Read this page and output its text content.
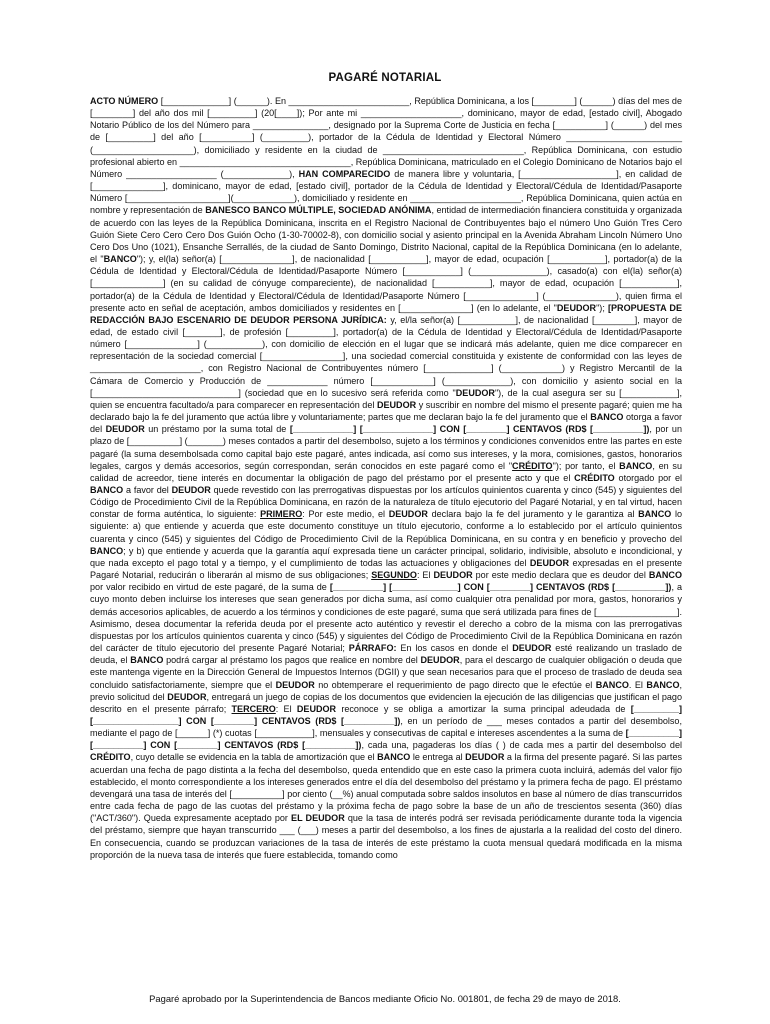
PAGARÉ NOTARIAL
ACTO NÚMERO [_____________] (______). En ________________________, República Dominicana, a los [________] (______) días del mes de [________] del año dos mil [_________] (20[____]); Por ante mi ____________________, dominicano, mayor de edad, [estado civil], Abogado Notario Público de los del Número para _______________, designado por la Suprema Corte de Justicia en fecha [__________] (______) del mes de [_________] del año [__________] (_________), portador de la Cédula de Identidad y Electoral Número _______________________ (____________________), domiciliado y residente en la ciudad de ____________________________, República Dominicana, con estudio profesional abierto en __________________________________, República Dominicana, matriculado en el Colegio Dominicano de Notarios bajo el Número __________________ (_____________), HAN COMPARECIDO de manera libre y voluntaria, [___________________], en calidad de [______________], dominicano, mayor de edad, [estado civil], portador de la Cédula de Identidad y Electoral/Cédula de Identidad/Pasaporte Número [____________________](____________), domiciliado y residente en ______________________, República Dominicana, quien actúa en nombre y representación de BANESCO BANCO MÚLTIPLE, SOCIEDAD ANÓNIMA, entidad de intermediación financiera constituida y organizada de acuerdo con las leyes de la República Dominicana, inscrita en el Registro Nacional de Contribuyentes bajo el número Uno Guión Tres Cero Guión Siete Cero Cero Cero Dos Guión Ocho (1-30-70002-8), con domicilio social y asiento principal en la Avenida Abraham Lincoln Número Uno Cero Dos Uno (1021), Ensanche Serrallés, de la ciudad de Santo Domingo, Distrito Nacional, capital de la República Dominicana (en lo adelante, el "BANCO"); y, el(la) señor(a) [______________], de nacionalidad [___________], mayor de edad, ocupación [___________], portador(a) de la Cédula de Identidad y Electoral/Cédula de Identidad/Pasaporte Número [___________] (_______________), casado(a) con el(la) señor(a) [______________] (en su calidad de cónyuge compareciente), de nacionalidad [___________], mayor de edad, ocupación [___________], portador(a) de la Cédula de Identidad y Electoral/Cédula de Identidad/Pasaporte Número [______________] (______________), quien firma el presente acto en señal de aceptación, ambos domiciliados y residentes en [______________] (en lo adelante, el "DEUDOR"); [PROPUESTA DE REDACCIÓN BAJO ESCENARIO DE DEUDOR PERSONA JURÍDICA: y, el/la señor(a) [___________], de nacionalidad [________], mayor de edad, de estado civil [_______], de profesión [_________], portador(a) de la Cédula de Identidad y Electoral/Cédula de Identidad/Pasaporte número [______________] (___________), con domicilio de elección en el lugar que se indicará más adelante, quien me dice comparecer en representación de la sociedad comercial [________________], una sociedad comercial constituida y existente de conformidad con las leyes de ______________________, con Registro Nacional de Contribuyentes número [_____________] (____________) y Registro Mercantil de la Cámara de Comercio y Producción de ____________ número [____________] (_____________), con domicilio y asiento social en la [_____________________________] (sociedad que en lo sucesivo será referida como "DEUDOR"), de la cual asegura ser su [___________], quien se encuentra facultado/a para comparecer en representación del DEUDOR y suscribir en nombre del mismo el presente pagaré; quien me ha declarado bajo la fe del juramento que actúa libre y voluntariamente; partes que me declaran bajo la fe del juramento que el BANCO otorga a favor del DEUDOR un préstamo por la suma total de [____________] [______________] CON [________] CENTAVOS (RD$ [__________]), por un plazo de [__________] (_______) meses contados a partir del desembolso, sujeto a los términos y condiciones convenidos entre las partes en este pagaré (la suma desembolsada como capital bajo este pagaré, antes indicada, así como sus intereses, y la mora, comisiones, gastos, honorarios legales, cargos y demás accesorios, según correspondan, serán conocidos en este pagaré como el "CRÉDITO"); por tanto, el BANCO, en su calidad de acreedor, tiene interés en documentar la obligación de pago del préstamo por el presente acto y que el CRÉDITO otorgado por el BANCO a favor del DEUDOR quede revestido con las prerrogativas dispuestas por los artículos quinientos cuarenta y cinco (545) y siguientes del Código de Procedimiento Civil de la República Dominicana, en razón de la naturaleza de título ejecutorio del Pagaré Notarial, y en tal virtud, hacen constar de forma auténtica, lo siguiente: PRIMERO: Por este medio, el DEUDOR declara bajo la fe del juramento y le garantiza al BANCO lo siguiente: a) que entiende y acuerda que este documento constituye un título ejecutorio, conforme a lo establecido por el artículo quinientos cuarenta y cinco (545) y siguientes del Código de Procedimiento Civil de la República Dominicana, en su contra y en beneficio y provecho del BANCO; y b) que entiende y acuerda que la garantía aquí expresada tiene un carácter principal, solidario, indivisible, absoluto e incondicional, y que nada excepto el pago total y a tiempo, y el cumplimiento de todas las actuaciones y obligaciones del DEUDOR expresadas en el presente Pagaré Notarial, reducirán o liberarán al mismo de sus obligaciones; SEGUNDO: El DEUDOR por este medio declara que es deudor del BANCO por valor recibido en virtud de este pagaré, de la suma de [__________] [_____________] CON [________] CENTAVOS (RD$ [__________]), a cuyo monto deben incluirse los intereses que sean generados por dicha suma, así como cualquier otra penalidad por mora, gastos, honorarios y demás accesorios aplicables, de acuerdo a los términos y condiciones de este pagaré, suma que será utilizada para fines de [________________]. Asimismo, desea documentar la referida deuda por el presente acto auténtico y revestir el derecho a cobro de la misma con las prerrogativas dispuestas por los artículos quinientos cuarenta y cinco (545) y siguientes del Código de Procedimiento Civil de la República Dominicana en razón del carácter de título ejecutorio del presente Pagaré Notarial; PÁRRAFO: En los casos en donde el DEUDOR esté realizando un traslado de deuda, el BANCO podrá cargar al préstamo los pagos que realice en nombre del DEUDOR, para el descargo de cualquier obligación o deuda que este mantenga vigente en la Dirección General de Impuestos Internos (DGII) y que sean necesarios para que el proceso de traslado de deuda sea concluido satisfactoriamente, siempre que el DEUDOR no obtemperare el requerimiento de pago directo que le efectúe el BANCO. El BANCO, previo solicitud del DEUDOR, entregará un juego de copias de los documentos que evidencien la ejecución de las diligencias que justifican el pago descrito en el presente párrafo; TERCERO: El DEUDOR reconoce y se obliga a amortizar la suma principal adeudada de [_________] [_________________] CON [________] CENTAVOS (RD$ [__________]), en un período de ___ meses contados a partir del desembolso, mediante el pago de [______] (*) cuotas [___________], mensuales y consecutivas de capital e intereses ascendentes a la suma de [__________] [__________] CON [________] CENTAVOS (RD$ [__________]), cada una, pagaderas los días ( ) de cada mes a partir del desembolso del CRÉDITO, cuyo detalle se evidencia en la tabla de amortización que el BANCO le entrega al DEUDOR a la firma del presente pagaré. Si las partes acuerdan una fecha de pago distinta a la fecha del desembolso, queda entendido que en este caso la primera cuota incluirá, además del valor fijo establecido, el monto correspondiente a los intereses generados entre el día del desembolso del préstamo y la primera fecha de pago. El préstamo devengará una tasa de interés del [__________] por ciento (__%) anual computada sobre saldos insolutos en base al número de días transcurridos entre cada fecha de pago de las cuotas del préstamo y la próxima fecha de pago sobre la base de un año de trescientos sesenta (360) días ("ACT/360"). Queda expresamente aceptado por EL DEUDOR que la tasa de interés podrá ser revisada periódicamente durante toda la vigencia del préstamo, siempre que hayan transcurrido ___ (___) meses a partir del desembolso, a los fines de ajustarla a la realidad del costo del dinero. En consecuencia, cuando se produzcan variaciones de la tasa de interés de este préstamo la cuota mensual quedará modificada en la misma proporción de la nueva tasa de interés que fuere establecida, tomando como
Pagaré aprobado por la Superintendencia de Bancos mediante Oficio No. 001801, de fecha 29 de mayo de 2018.
